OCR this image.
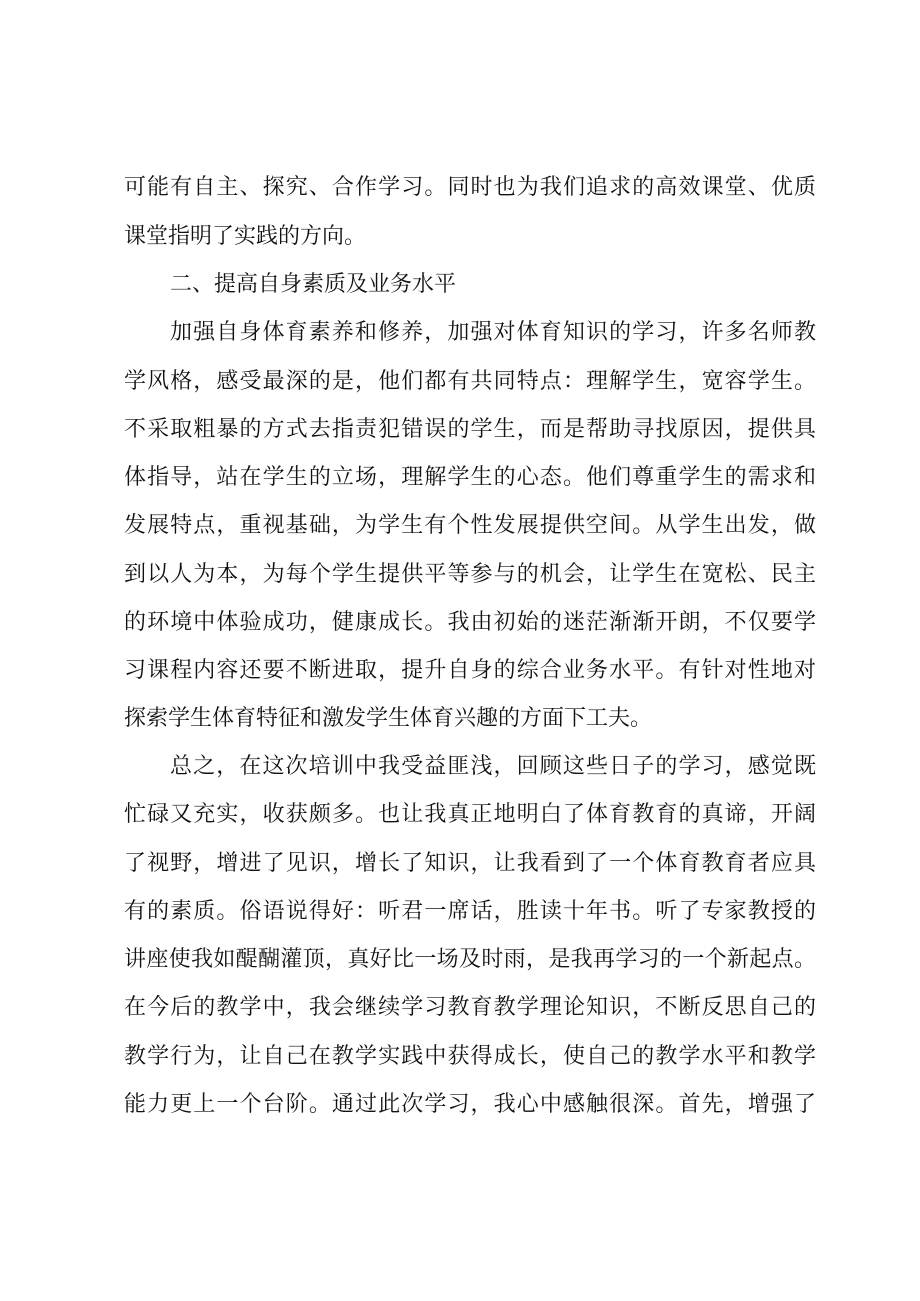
可能有自主、探究、合作学习。同时也为我们追求的高效课堂、优质
课堂指明了实践的方向。
二、提高自身素质及业务水平
加强自身体育素养和修养，加强对体育知识的学习，许多名师教
学风格，感受最深的是，他们都有共同特点：理解学生，宽容学生。
不采取粗暴的方式去指责犯错误的学生，而是帮助寻找原因，提供具
体指导，站在学生的立场，理解学生的心态。他们尊重学生的需求和
发展特点，重视基础，为学生有个性发展提供空间。从学生出发，做
到以人为本，为每个学生提供平等参与的机会，让学生在宽松、民主
的环境中体验成功，健康成长。我由初始的迷茫渐渐开朗，不仅要学
习课程内容还要不断进取，提升自身的综合业务水平。有针对性地对
探索学生体育特征和激发学生体育兴趣的方面下工夫。
总之，在这次培训中我受益匪浅，回顾这些日子的学习，感觉既
忙碌又充实，收获颇多。也让我真正地明白了体育教育的真谛，开阔
了视野，增进了见识，增长了知识，让我看到了一个体育教育者应具
有的素质。俗语说得好：听君一席话，胜读十年书。听了专家教授的
讲座使我如醍醐灌顶，真好比一场及时雨，是我再学习的一个新起点。
在今后的教学中，我会继续学习教育教学理论知识，不断反思自己的
教学行为，让自己在教学实践中获得成长，使自己的教学水平和教学
能力更上一个台阶。通过此次学习，我心中感触很深。首先，增强了
